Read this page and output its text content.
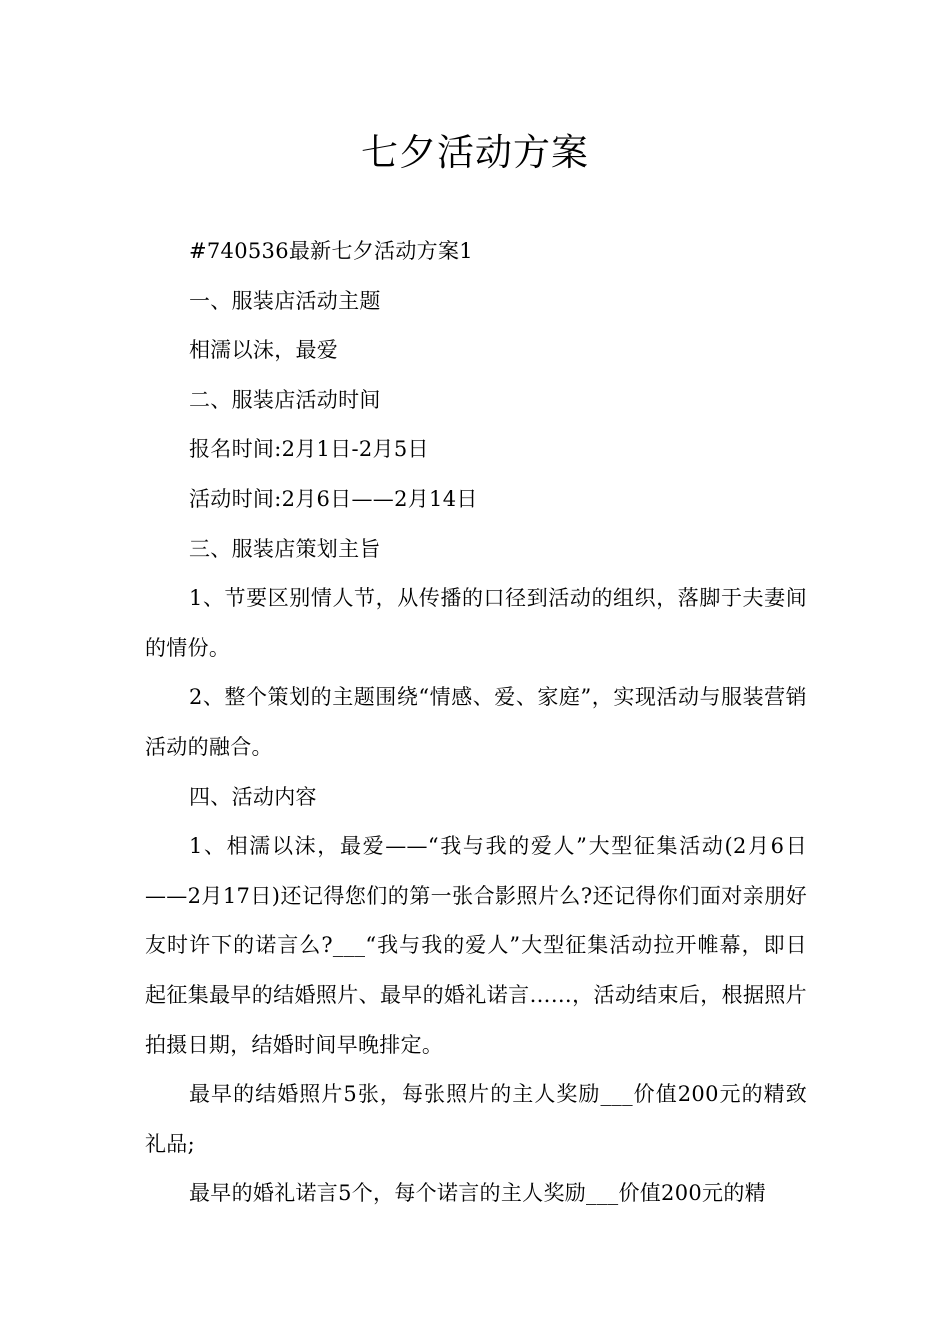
七夕活动方案

#740536最新七夕活动方案1

一、服装店活动主题

相濡以沫，最爱

二、服装店活动时间

报名时间:2月1日-2月5日

活动时间:2月6日——2月14日

三、服装店策划主旨

1、节要区别情人节，从传播的口径到活动的组织，落脚于夫妻间的情份。

2、整个策划的主题围绕“情感、爱、家庭”，实现活动与服装营销活动的融合。

四、活动内容

1、相濡以沫，最爱——“我与我的爱人”大型征集活动(2月6日——2月17日)还记得您们的第一张合影照片么?还记得你们面对亲朋好友时许下的诺言么?___“我与我的爱人”大型征集活动拉开帷幕，即日起征集最早的结婚照片、最早的婚礼诺言……，活动结束后，根据照片拍摄日期，结婚时间早晚排定。

最早的结婚照片5张，每张照片的主人奖励___价值200元的精致礼品;

最早的婚礼诺言5个，每个诺言的主人奖励___价值200元的精
